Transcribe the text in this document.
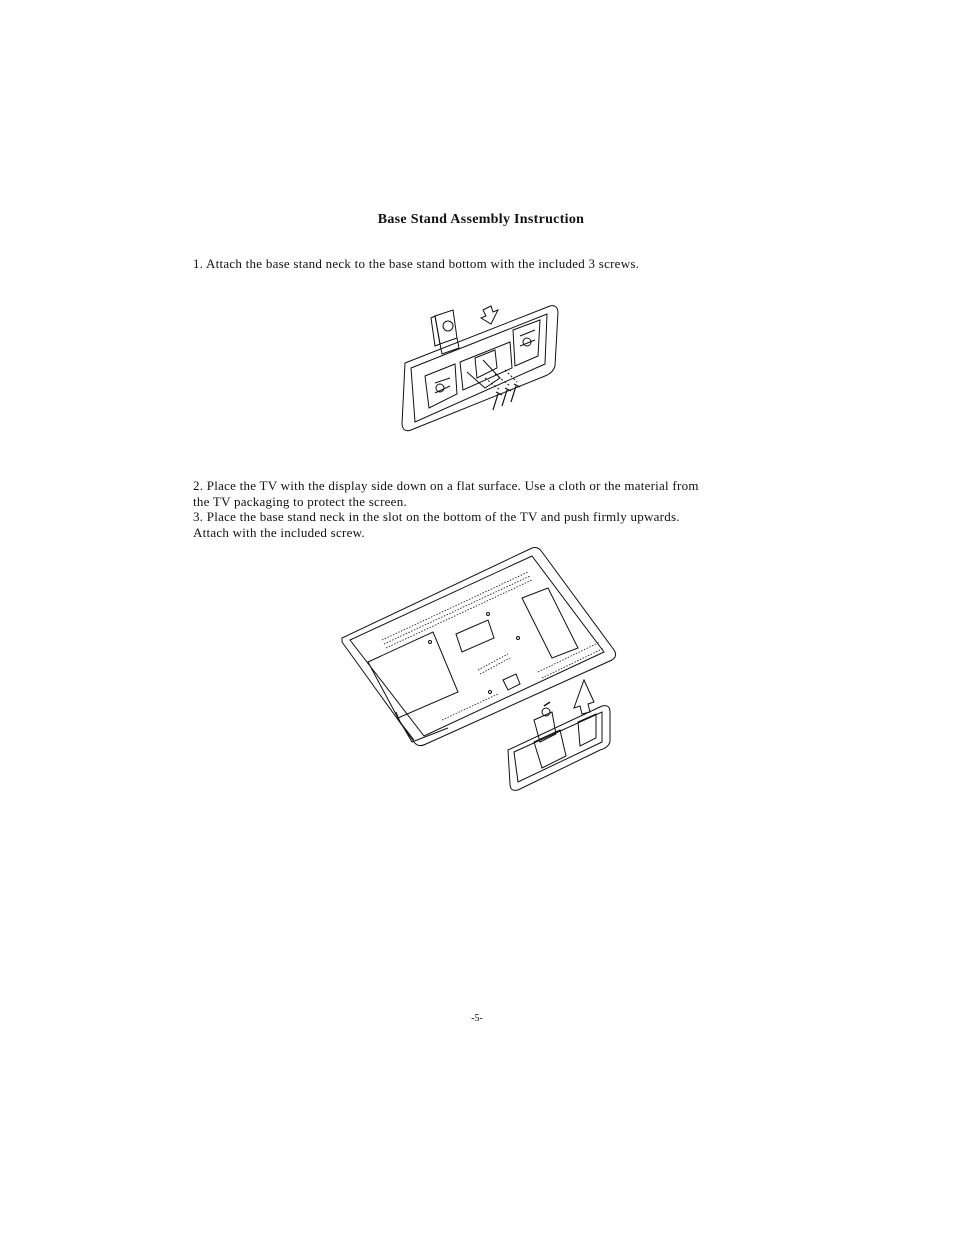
Base Stand Assembly Instruction

1. Attach the base stand neck to the base stand bottom with the included 3 screws.

2. Place the TV with the display side down on a flat surface. Use a cloth or the material from
the TV packaging to protect the screen.
3. Place the base stand neck in the slot on the bottom of the TV and push firmly upwards.
Attach with the included screw.

-5-
